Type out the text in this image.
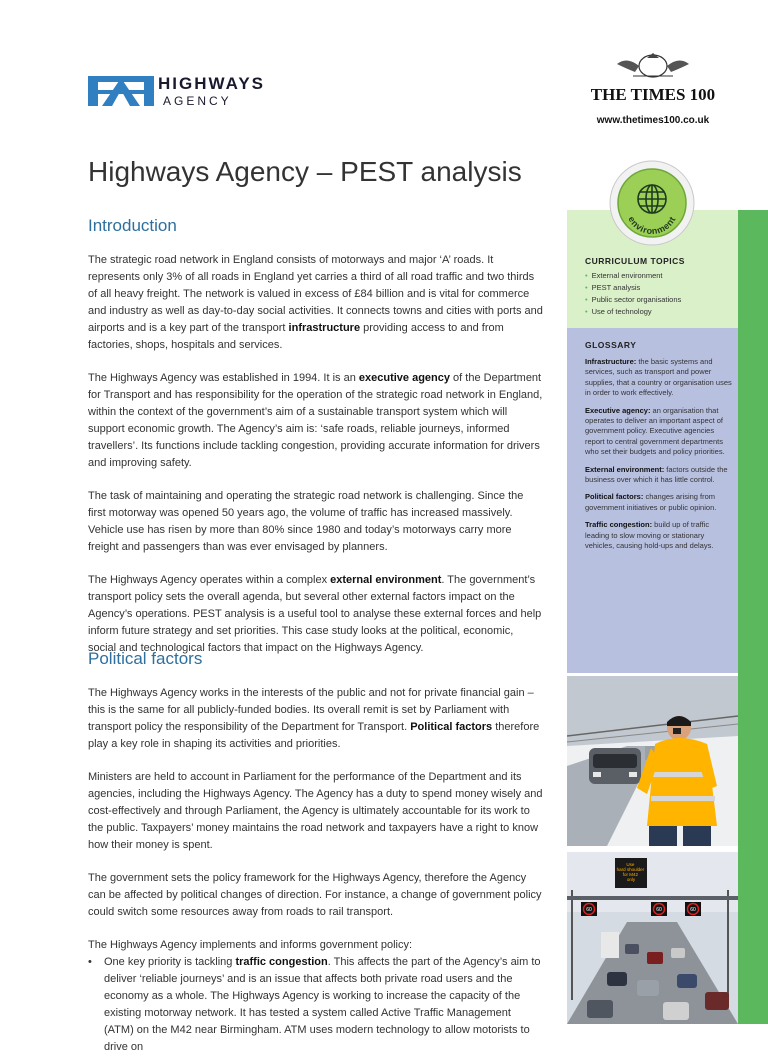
HIGHWAYS
AGENCY	THE TIMES 100
www.thetimes100.co.uk
Highways Agency – PEST analysis
Introduction

The strategic road network in England consists of motorways and major ‘A’ roads. It represents only 3% of all roads in England yet carries a third of all road traffic and two thirds of all heavy freight. The network is valued in excess of £84 billion and is vital for commerce and industry as well as day-to-day social activities. It connects towns and cities with ports and airports and is a key part of the transport infrastructure providing access to and from factories, shops, hospitals and services.

The Highways Agency was established in 1994. It is an executive agency of the Department for Transport and has responsibility for the operation of the strategic road network in England, within the context of the government’s aim of a sustainable transport system which will support economic growth. The Agency’s aim is: ‘safe roads, reliable journeys, informed travellers’. Its functions include tackling congestion, providing accurate information for drivers and improving safety.

The task of maintaining and operating the strategic road network is challenging. Since the first motorway was opened 50 years ago, the volume of traffic has increased massively. Vehicle use has risen by more than 80% since 1980 and today’s motorways carry more freight and passengers than was ever envisaged by planners.

The Highways Agency operates within a complex external environment. The government’s transport policy sets the overall agenda, but several other external factors impact on the Agency’s operations. PEST analysis is a useful tool to analyse these external forces and help inform future strategy and set priorities. This case study looks at the political, economic, social and technological factors that impact on the Highways Agency.

Political factors

The Highways Agency works in the interests of the public and not for private financial gain – this is the same for all publicly-funded bodies. Its overall remit is set by Parliament with transport policy the responsibility of the Department for Transport. Political factors therefore play a key role in shaping its activities and priorities.

Ministers are held to account in Parliament for the performance of the Department and its agencies, including the Highways Agency. The Agency has a duty to spend money wisely and cost-effectively and through Parliament, the Agency is ultimately accountable for its work to the public. Taxpayers’ money maintains the road network and taxpayers have a right to know how their money is spent.

The government sets the policy framework for the Highways Agency, therefore the Agency can be affected by political changes of direction. For instance, a change of government policy could switch some resources away from roads to rail transport.

The Highways Agency implements and informs government policy:

•	One key priority is tackling traffic congestion. This affects the part of the Agency’s aim to deliver ‘reliable journeys’ and is an issue that affects both private road users and the economy as a whole. The Highways Agency is working to increase the capacity of the existing motorway network. It has tested a system called Active Traffic Management (ATM) on the M42 near Birmingham. ATM uses modern technology to allow motorists to drive on
CURRICULUM TOPICS
• External environment
• PEST analysis
• Public sector organisations
• Use of technology
environment
GLOSSARY
Infrastructure: the basic systems and services, such as transport and power supplies, that a country or organisation uses in order to work effectively.
Executive agency: an organisation that operates to deliver an important aspect of government policy. Executive agencies report to central government departments who set their budgets and policy priorities.
External environment: factors outside the business over which it has little control.
Political factors: changes arising from government initiatives or public opinion.
Traffic congestion: build up of traffic leading to slow moving or stationary vehicles, causing hold-ups and delays.
Use hard shoulder for M42 only
60	60	60
